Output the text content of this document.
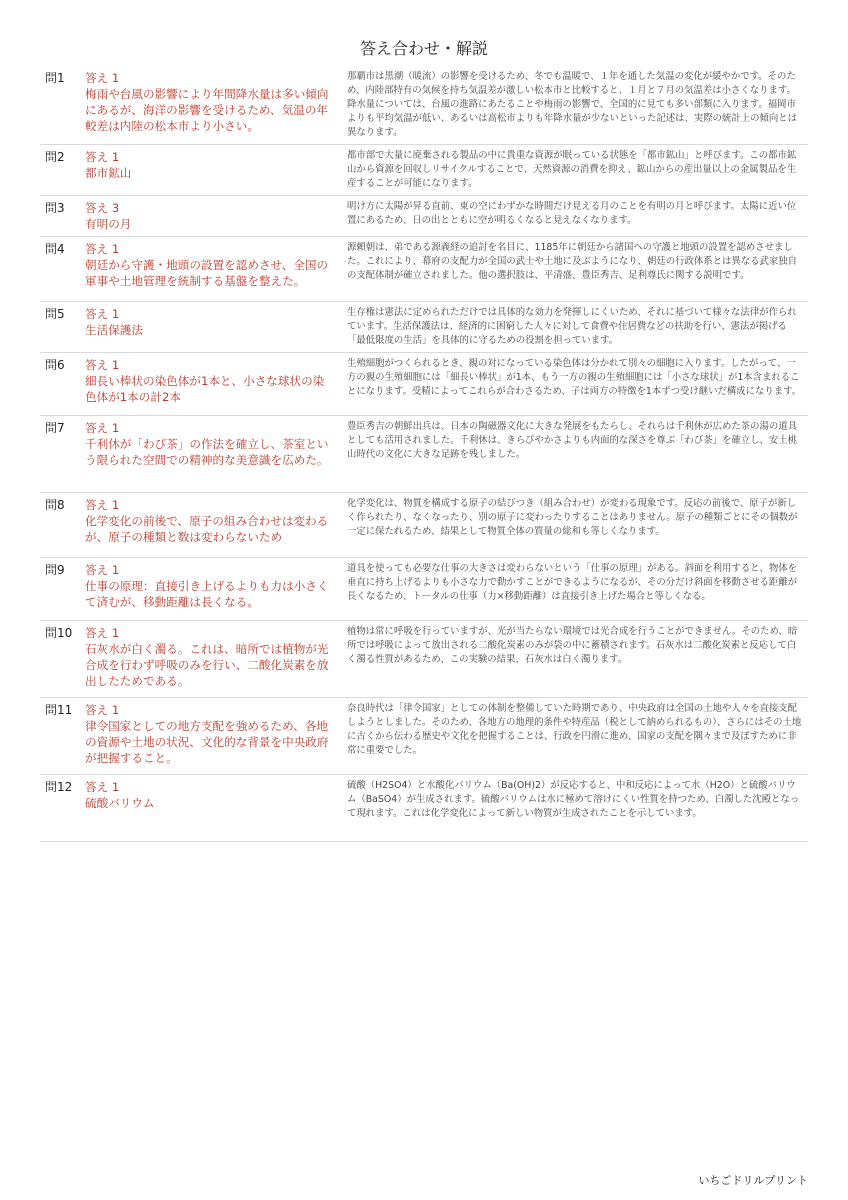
答え合わせ・解説
問1	答え 1
梅雨や台風の影響により年間降水量は多い傾向にあるが、海洋の影響を受けるため、気温の年較差は内陸の松本市より小さい。
那覇市は黒潮（暖流）の影響を受けるため、冬でも温暖で、１年を通した気温の変化が緩やかです。そのため、内陸部特有の気候を持ち気温差が激しい松本市と比較すると、１月と７月の気温差は小さくなります。降水量については、台風の進路にあたることや梅雨の影響で、全国的に見ても多い部類に入ります。福岡市よりも平均気温が低い、あるいは高松市よりも年降水量が少ないといった記述は、実際の統計上の傾向とは異なります。
問2	答え 1
都市鉱山
都市部で大量に廃棄される製品の中に貴重な資源が眠っている状態を「都市鉱山」と呼びます。この都市鉱山から資源を回収しリサイクルすることで、天然資源の消費を抑え、鉱山からの産出量以上の金属製品を生産することが可能になります。
問3	答え 3
有明の月
明け方に太陽が昇る直前、東の空にわずかな時間だけ見える月のことを有明の月と呼びます。太陽に近い位置にあるため、日の出とともに空が明るくなると見えなくなります。
問4	答え 1
朝廷から守護・地頭の設置を認めさせ、全国の軍事や土地管理を統制する基盤を整えた。
源頼朝は、弟である源義経の追討を名目に、1185年に朝廷から諸国への守護と地頭の設置を認めさせました。これにより、幕府の支配力が全国の武士や土地に及ぶようになり、朝廷の行政体系とは異なる武家独自の支配体制が確立されました。他の選択肢は、平清盛、豊臣秀吉、足利尊氏に関する説明です。
問5	答え 1
生活保護法
生存権は憲法に定められただけでは具体的な効力を発揮しにくいため、それに基づいて様々な法律が作られています。生活保護法は、経済的に困窮した人々に対して食費や住居費などの扶助を行い、憲法が掲げる「最低限度の生活」を具体的に守るための役割を担っています。
問6	答え 1
細長い棒状の染色体が1本と、小さな球状の染色体が1本の計2本
生殖細胞がつくられるとき、親の対になっている染色体は分かれて別々の細胞に入ります。したがって、一方の親の生殖細胞には「細長い棒状」が1本、もう一方の親の生殖細胞には「小さな球状」が1本含まれることになります。受精によってこれらが合わさるため、子は両方の特徴を1本ずつ受け継いだ構成になります。
問7	答え 1
千利休が「わび茶」の作法を確立し、茶室という限られた空間での精神的な美意識を広めた。
豊臣秀吉の朝鮮出兵は、日本の陶磁器文化に大きな発展をもたらし、それらは千利休が広めた茶の湯の道具としても活用されました。千利休は、きらびやかさよりも内面的な深さを尊ぶ「わび茶」を確立し、安土桃山時代の文化に大きな足跡を残しました。
問8	答え 1
化学変化の前後で、原子の組み合わせは変わるが、原子の種類と数は変わらないため
化学変化は、物質を構成する原子の結びつき（組み合わせ）が変わる現象です。反応の前後で、原子が新しく作られたり、なくなったり、別の原子に変わったりすることはありません。原子の種類ごとにその個数が一定に保たれるため、結果として物質全体の質量の総和も等しくなります。
問9	答え 1
仕事の原理：直接引き上げるよりも力は小さくて済むが、移動距離は長くなる。
道具を使っても必要な仕事の大きさは変わらないという「仕事の原理」がある。斜面を利用すると、物体を垂直に持ち上げるよりも小さな力で動かすことができるようになるが、その分だけ斜面を移動させる距離が長くなるため、トータルの仕事（力×移動距離）は直接引き上げた場合と等しくなる。
問10 答え 1
石灰水が白く濁る。これは、暗所では植物が光合成を行わず呼吸のみを行い、二酸化炭素を放出したためである。
植物は常に呼吸を行っていますが、光が当たらない環境では光合成を行うことができません。そのため、暗所では呼吸によって放出される二酸化炭素のみが袋の中に蓄積されます。石灰水は二酸化炭素と反応して白く濁る性質があるため、この実験の結果、石灰水は白く濁ります。
問11 答え 1
律令国家としての地方支配を強めるため、各地の資源や土地の状況、文化的な背景を中央政府が把握すること。
奈良時代は「律令国家」としての体制を整備していた時期であり、中央政府は全国の土地や人々を直接支配しようとしました。そのため、各地方の地理的条件や特産品（税として納められるもの）、さらにはその土地に古くから伝わる歴史や文化を把握することは、行政を円滑に進め、国家の支配を隅々まで及ぼすために非常に重要でした。
問12 答え 1
硫酸バリウム
硫酸（H2SO4）と水酸化バリウム（Ba(OH)2）が反応すると、中和反応によって水（H2O）と硫酸バリウム（BaSO4）が生成されます。硫酸バリウムは水に極めて溶けにくい性質を持つため、白濁した沈殿となって現れます。これは化学変化によって新しい物質が生成されたことを示しています。
いちごドリルプリント
